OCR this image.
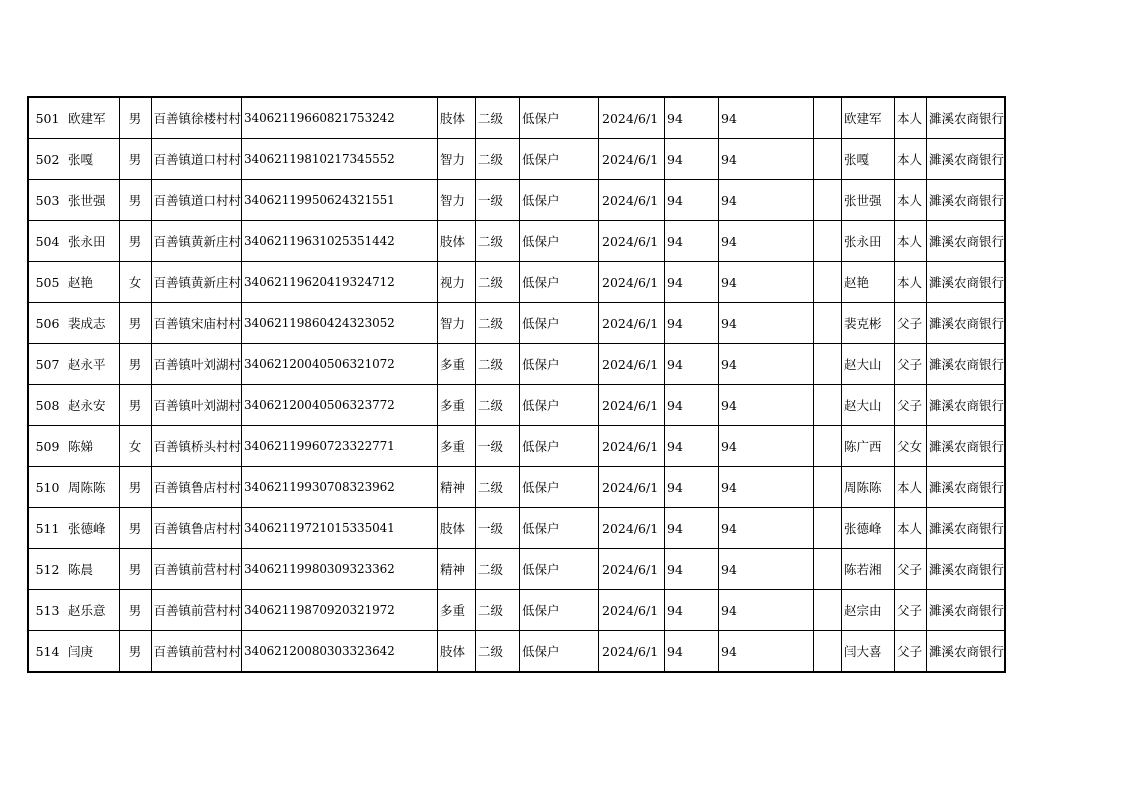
501	欧建军	男	百善镇徐楼村村	340621196608217532​42	肢体	二级	低保户	2024/6/1	94	94		欧建军	本人	濉溪农商银行
502	张嘎	男	百善镇道口村村	340621198102173455​52	智力	二级	低保户	2024/6/1	94	94		张嘎	本人	濉溪农商银行
503	张世强	男	百善镇道口村村	340621199506243215​51	智力	一级	低保户	2024/6/1	94	94		张世强	本人	濉溪农商银行
504	张永田	男	百善镇黄新庄村	340621196310253514​42	肢体	二级	低保户	2024/6/1	94	94		张永田	本人	濉溪农商银行
505	赵艳	女	百善镇黄新庄村	340621196204193247​12	视力	二级	低保户	2024/6/1	94	94		赵艳	本人	濉溪农商银行
506	裴成志	男	百善镇宋庙村村	340621198604243230​52	智力	二级	低保户	2024/6/1	94	94		裴克彬	父子	濉溪农商银行
507	赵永平	男	百善镇叶刘湖村	340621200405063210​72	多重	二级	低保户	2024/6/1	94	94		赵大山	父子	濉溪农商银行
508	赵永安	男	百善镇叶刘湖村	340621200405063237​72	多重	二级	低保户	2024/6/1	94	94		赵大山	父子	濉溪农商银行
509	陈娣	女	百善镇桥头村村	340621199607233227​71	多重	一级	低保户	2024/6/1	94	94		陈广西	父女	濉溪农商银行
510	周陈陈	男	百善镇鲁店村村	340621199307083239​62	精神	二级	低保户	2024/6/1	94	94		周陈陈	本人	濉溪农商银行
511	张德峰	男	百善镇鲁店村村	340621197210153350​41	肢体	一级	低保户	2024/6/1	94	94		张德峰	本人	濉溪农商银行
512	陈晨	男	百善镇前营村村	340621199803093233​62	精神	二级	低保户	2024/6/1	94	94		陈若湘	父子	濉溪农商银行
513	赵乐意	男	百善镇前营村村	340621198709203219​72	多重	二级	低保户	2024/6/1	94	94		赵宗由	父子	濉溪农商银行
514	闫庚	男	百善镇前营村村	340621200803033236​42	肢体	二级	低保户	2024/6/1	94	94		闫大喜	父子	濉溪农商银行
